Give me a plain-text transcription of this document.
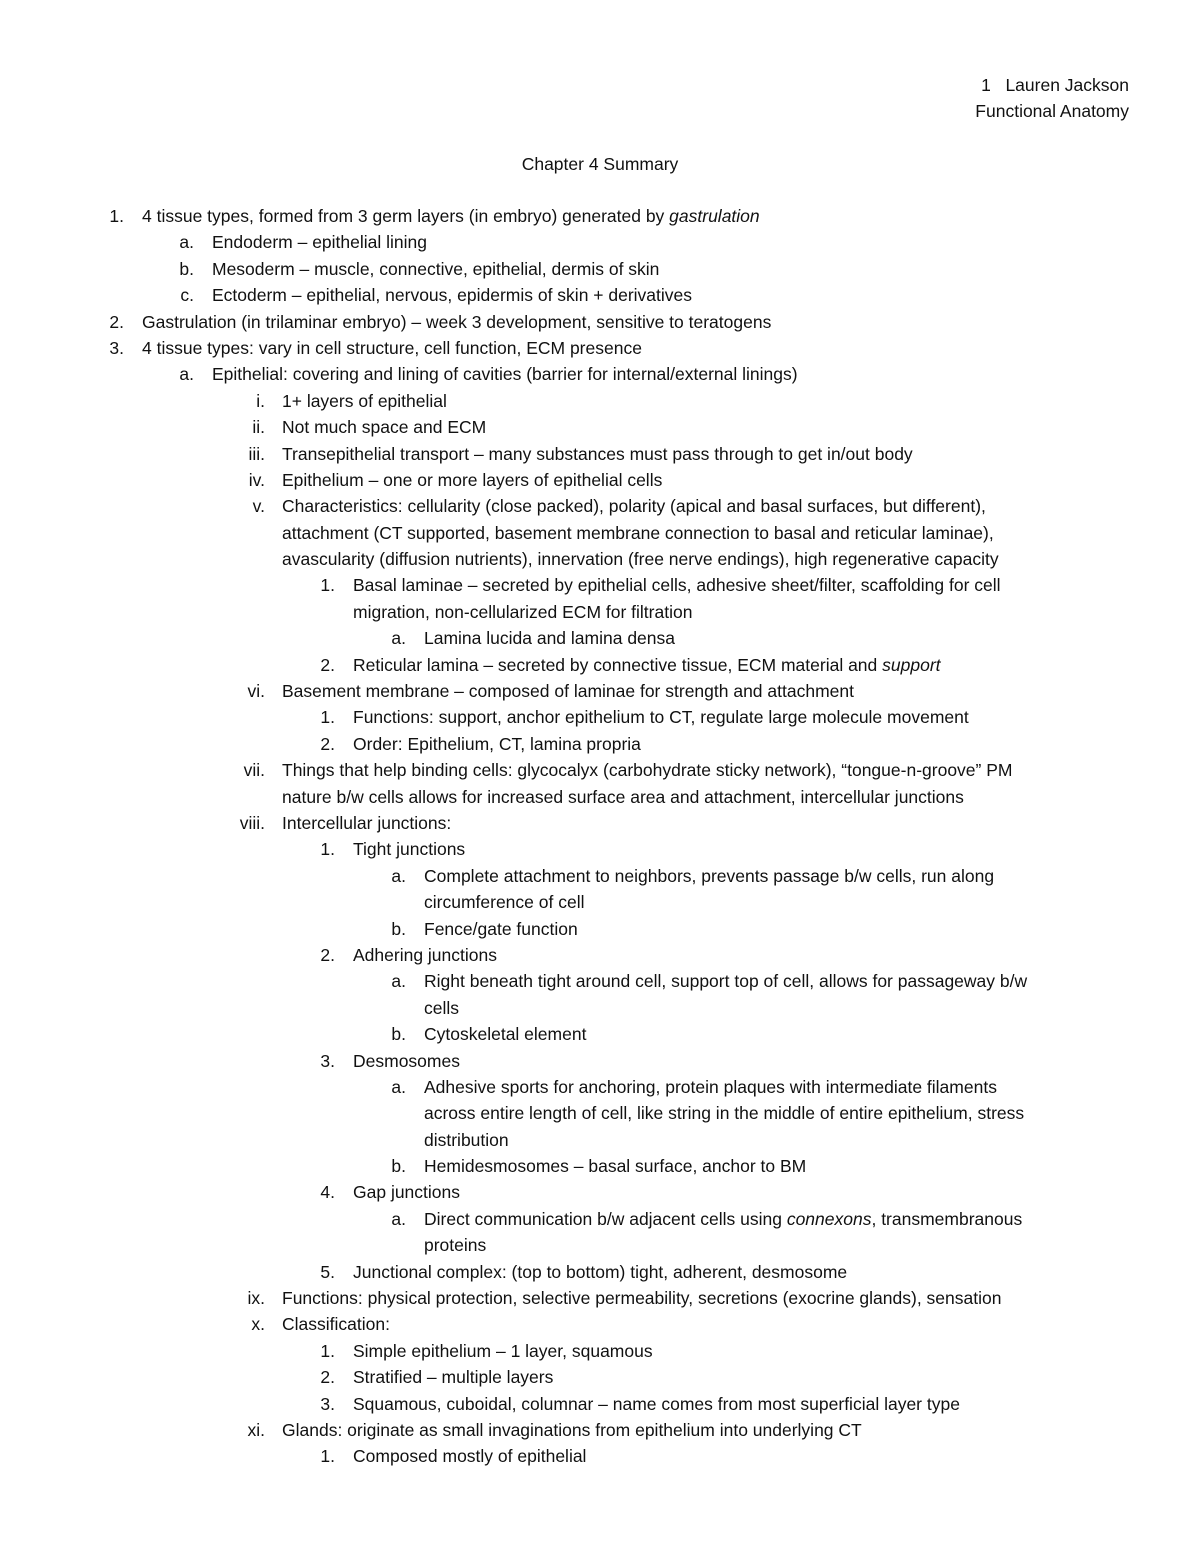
1 Lauren Jackson
Functional Anatomy
Chapter 4 Summary
1. 4 tissue types, formed from 3 germ layers (in embryo) generated by gastrulation
a. Endoderm – epithelial lining
b. Mesoderm – muscle, connective, epithelial, dermis of skin
c. Ectoderm – epithelial, nervous, epidermis of skin + derivatives
2. Gastrulation (in trilaminar embryo) – week 3 development, sensitive to teratogens
3. 4 tissue types: vary in cell structure, cell function, ECM presence
a. Epithelial: covering and lining of cavities (barrier for internal/external linings)
i. 1+ layers of epithelial
ii. Not much space and ECM
iii. Transepithelial transport – many substances must pass through to get in/out body
iv. Epithelium – one or more layers of epithelial cells
v. Characteristics: cellularity (close packed), polarity (apical and basal surfaces, but different),
attachment (CT supported, basement membrane connection to basal and reticular laminae),
avascularity (diffusion nutrients), innervation (free nerve endings), high regenerative capacity
1. Basal laminae – secreted by epithelial cells, adhesive sheet/filter, scaffolding for cell
migration, non-cellularized ECM for filtration
a. Lamina lucida and lamina densa
2. Reticular lamina – secreted by connective tissue, ECM material and support
vi. Basement membrane – composed of laminae for strength and attachment
1. Functions: support, anchor epithelium to CT, regulate large molecule movement
2. Order: Epithelium, CT, lamina propria
vii. Things that help binding cells: glycocalyx (carbohydrate sticky network), “tongue-n-groove” PM
nature b/w cells allows for increased surface area and attachment, intercellular junctions
viii. Intercellular junctions:
1. Tight junctions
a. Complete attachment to neighbors, prevents passage b/w cells, run along
circumference of cell
b. Fence/gate function
2. Adhering junctions
a. Right beneath tight around cell, support top of cell, allows for passageway b/w
cells
b. Cytoskeletal element
3. Desmosomes
a. Adhesive sports for anchoring, protein plaques with intermediate filaments
across entire length of cell, like string in the middle of entire epithelium, stress
distribution
b. Hemidesmosomes – basal surface, anchor to BM
4. Gap junctions
a. Direct communication b/w adjacent cells using connexons, transmembranous
proteins
5. Junctional complex: (top to bottom) tight, adherent, desmosome
ix. Functions: physical protection, selective permeability, secretions (exocrine glands), sensation
x. Classification:
1. Simple epithelium – 1 layer, squamous
2. Stratified – multiple layers
3. Squamous, cuboidal, columnar – name comes from most superficial layer type
xi. Glands: originate as small invaginations from epithelium into underlying CT
1. Composed mostly of epithelial
